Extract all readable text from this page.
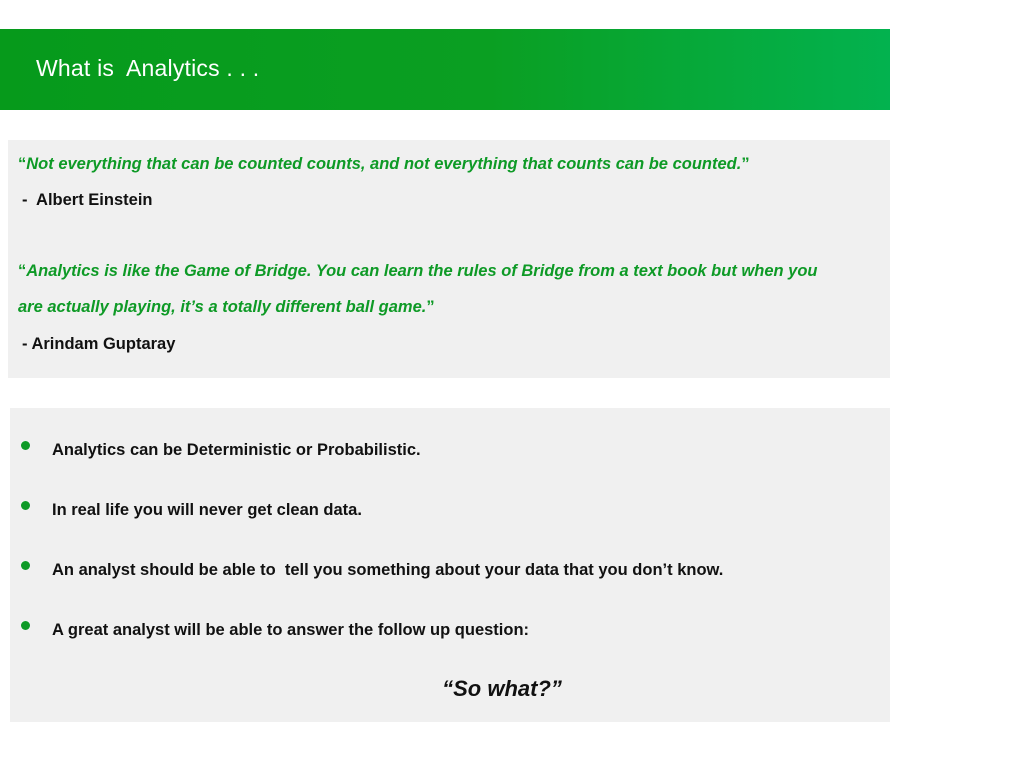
What is  Analytics . . .
“Not everything that can be counted counts, and not everything that counts can be counted.”
-  Albert Einstein
“Analytics is like the Game of Bridge. You can learn the rules of Bridge from a text book but when you
are actually playing, it’s a totally different ball game.”
- Arindam Guptaray
Analytics can be Deterministic or Probabilistic.
In real life you will never get clean data.
An analyst should be able to  tell you something about your data that you don’t know.
A great analyst will be able to answer the follow up question:
“So what?”
